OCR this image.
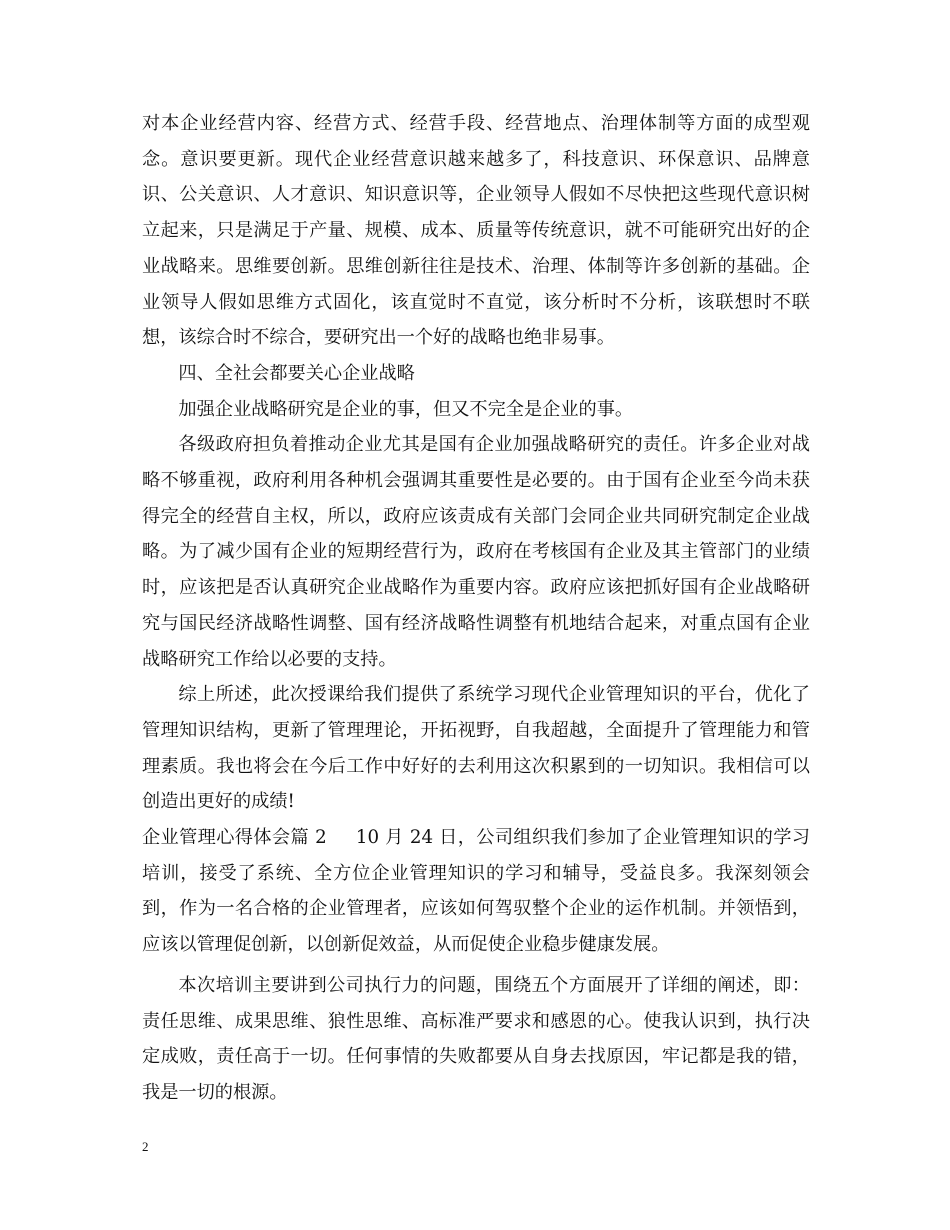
对本企业经营内容、经营方式、经营手段、经营地点、治理体制等方面的成型观念。意识要更新。现代企业经营意识越来越多了，科技意识、环保意识、品牌意识、公关意识、人才意识、知识意识等，企业领导人假如不尽快把这些现代意识树立起来，只是满足于产量、规模、成本、质量等传统意识，就不可能研究出好的企业战略来。思维要创新。思维创新往往是技术、治理、体制等许多创新的基础。企业领导人假如思维方式固化，该直觉时不直觉，该分析时不分析，该联想时不联想，该综合时不综合，要研究出一个好的战略也绝非易事。

四、全社会都要关心企业战略

加强企业战略研究是企业的事，但又不完全是企业的事。

各级政府担负着推动企业尤其是国有企业加强战略研究的责任。许多企业对战略不够重视，政府利用各种机会强调其重要性是必要的。由于国有企业至今尚未获得完全的经营自主权，所以，政府应该责成有关部门会同企业共同研究制定企业战略。为了减少国有企业的短期经营行为，政府在考核国有企业及其主管部门的业绩时，应该把是否认真研究企业战略作为重要内容。政府应该把抓好国有企业战略研究与国民经济战略性调整、国有经济战略性调整有机地结合起来，对重点国有企业战略研究工作给以必要的支持。

综上所述，此次授课给我们提供了系统学习现代企业管理知识的平台，优化了管理知识结构，更新了管理理论，开拓视野，自我超越，全面提升了管理能力和管理素质。我也将会在今后工作中好好的去利用这次积累到的一切知识。我相信可以创造出更好的成绩!

企业管理心得体会篇 2 10 月 24 日，公司组织我们参加了企业管理知识的学习培训，接受了系统、全方位企业管理知识的学习和辅导，受益良多。我深刻领会到，作为一名合格的企业管理者，应该如何驾驭整个企业的运作机制。并领悟到，应该以管理促创新，以创新促效益，从而促使企业稳步健康发展。

本次培训主要讲到公司执行力的问题，围绕五个方面展开了详细的阐述，即：责任思维、成果思维、狼性思维、高标准严要求和感恩的心。使我认识到，执行决定成败，责任高于一切。任何事情的失败都要从自身去找原因，牢记都是我的错，我是一切的根源。

2
